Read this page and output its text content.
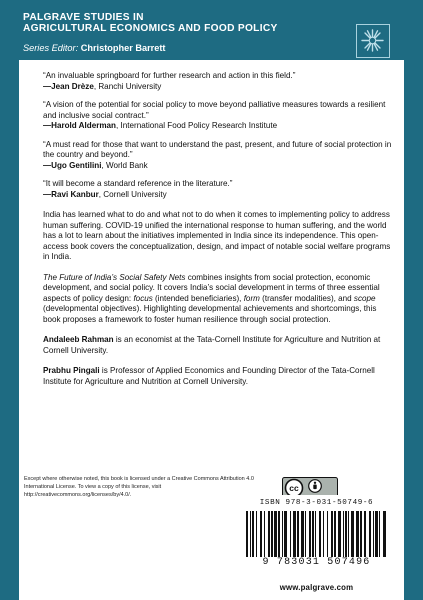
PALGRAVE STUDIES IN
AGRICULTURAL ECONOMICS AND FOOD POLICY
Series Editor: Christopher Barrett
“An invaluable springboard for further research and action in this field.”
—Jean Drèze, Ranchi University
“A vision of the potential for social policy to move beyond palliative measures towards a resilient and inclusive social contract.”
—Harold Alderman, International Food Policy Research Institute
“A must read for those that want to understand the past, present, and future of social protection in the country and beyond.”
—Ugo Gentilini, World Bank
“It will become a standard reference in the literature.”
—Ravi Kanbur, Cornell University
India has learned what to do and what not to do when it comes to implementing policy to address human suffering. COVID-19 unified the international response to human suffering, and the world has a lot to learn about the initiatives implemented in India since its independence. This open-access book covers the conceptualization, design, and impact of notable social welfare programs in India.
The Future of India’s Social Safety Nets combines insights from social protection, economic development, and social policy. It covers India’s social development in terms of three essential aspects of policy design: focus (intended beneficiaries), form (transfer modalities), and scope (developmental objectives). Highlighting developmental achievements and shortcomings, this book proposes a framework to foster human resilience through social protection.
Andaleeb Rahman is an economist at the Tata-Cornell Institute for Agriculture and Nutrition at Cornell University.
Prabhu Pingali is Professor of Applied Economics and Founding Director of the Tata-Cornell Institute for Agriculture and Nutrition at Cornell University.
Except where otherwise noted, this book is licensed under a Creative Commons Attribution 4.0 International License. To view a copy of this license, visit http://creativecommons.org/licenses/by/4.0/.
cc
ISBN 978-3-031-50749-6
9 783031 507496
www.palgrave.com
palgrave
macmillan
